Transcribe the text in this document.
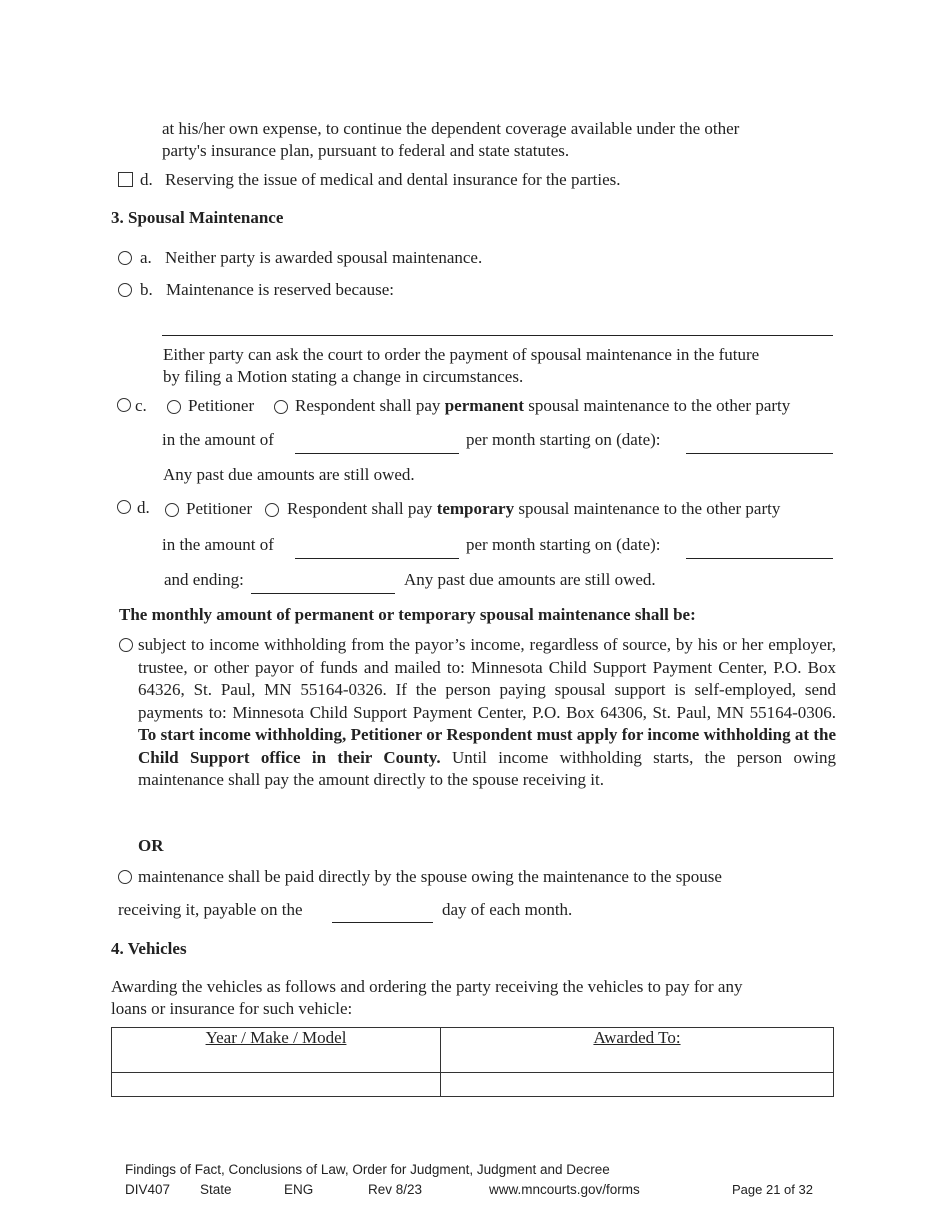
at his/her own expense, to continue the dependent coverage available under the other
party's insurance plan, pursuant to federal and state statutes.
d. Reserving the issue of medical and dental insurance for the parties.
3. Spousal Maintenance
a. Neither party is awarded spousal maintenance.
b. Maintenance is reserved because:
Either party can ask the court to order the payment of spousal maintenance in the future
by filing a Motion stating a change in circumstances.
c. Petitioner Respondent shall pay permanent spousal maintenance to the other party
in the amount of	per month starting on (date):
Any past due amounts are still owed.
d. Petitioner Respondent shall pay temporary spousal maintenance to the other party
in the amount of	per month starting on (date):
and ending:	Any past due amounts are still owed.
The monthly amount of permanent or temporary spousal maintenance shall be:
subject to income withholding from the payor’s income, regardless of source, by his or her employer, trustee, or other payor of funds and mailed to: Minnesota Child Support Payment Center, P.O. Box 64326, St. Paul, MN 55164-0326. If the person paying spousal support is self-employed, send payments to: Minnesota Child Support Payment Center, P.O. Box 64306, St. Paul, MN 55164-0306. To start income withholding, Petitioner or Respondent must apply for income withholding at the Child Support office in their County. Until income withholding starts, the person owing maintenance shall pay the amount directly to the spouse receiving it.
OR
maintenance shall be paid directly by the spouse owing the maintenance to the spouse
receiving it, payable on the	day of each month.
4. Vehicles
Awarding the vehicles as follows and ordering the party receiving the vehicles to pay for any
loans or insurance for such vehicle:
Year / Make / Model	Awarded To:

Findings of Fact, Conclusions of Law, Order for Judgment, Judgment and Decree
DIV407 State	ENG	Rev 8/23	www.mncourts.gov/forms	Page 21 of 32
